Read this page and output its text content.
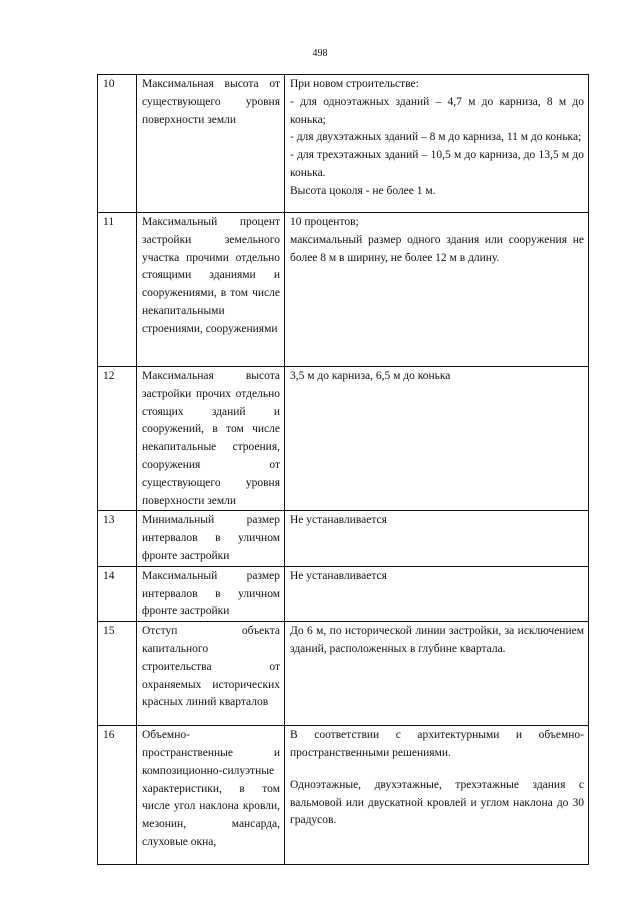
498
10	Максимальная высота от существующего уровня поверхности земли	При новом строительстве:
- для одноэтажных зданий – 4,7 м до карниза, 8 м до конька;
- для двухэтажных зданий – 8 м до карниза, 11 м до конька;
- для трехэтажных зданий – 10,5 м до карниза, до 13,5 м до конька.
Высота цоколя - не более 1 м.

11	Максимальный процент застройки земельного участка прочими отдельно стоящими зданиями и сооружениями, в том числе некапитальными строениями, сооружениями	10 процентов;
максимальный размер одного здания или сооружения не более 8 м в ширину, не более 12 м в длину.

12	Максимальная высота застройки прочих отдельно стоящих зданий и сооружений, в том числе некапитальные строения, сооружения от существующего уровня поверхности земли	3,5 м до карниза, 6,5 м до конька

13	Минимальный размер интервалов в уличном фронте застройки	Не устанавливается

14	Максимальный размер интервалов в уличном фронте застройки	Не устанавливается

15	Отступ объекта капитального строительства от охраняемых исторических красных линий кварталов	До 6 м, по исторической линии застройки, за исключением зданий, расположенных в глубине квартала.

16	Объемно-пространственные и композиционно-силуэтные характеристики, в том числе угол наклона кровли, мезонин, мансарда, слуховые окна,	В соответствии с архитектурными и объемно-пространственными решениями.
Одноэтажные, двухэтажные, трехэтажные здания с вальмовой или двускатной кровлей и углом наклона до 30 градусов.
